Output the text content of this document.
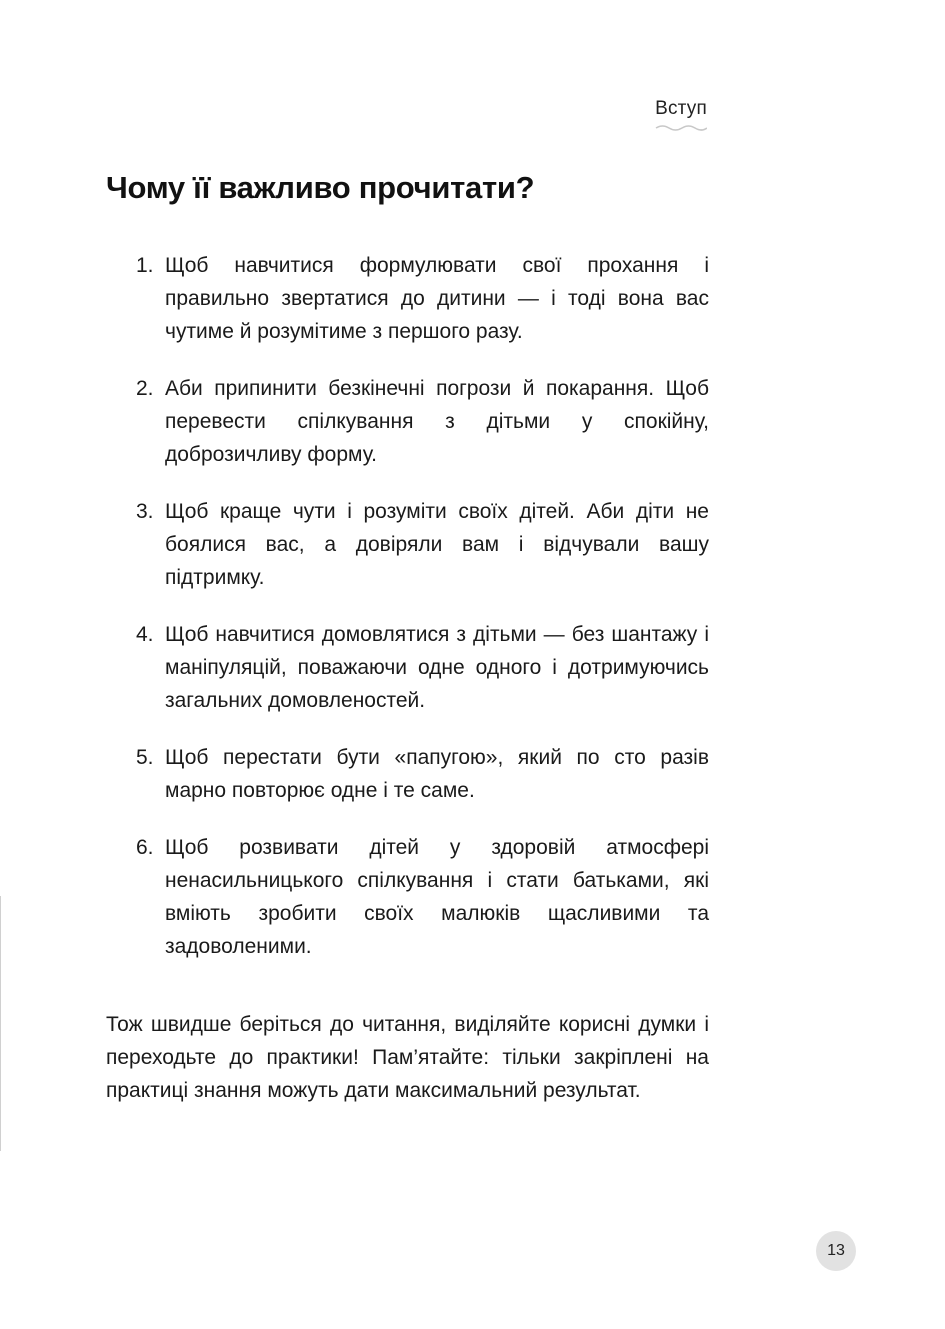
Вступ
Чому її важливо прочитати?
1. Щоб навчитися формулювати свої прохання і правильно звертатися до дитини — і тоді вона вас чутиме й розумітиме з першого разу.
2. Аби припинити безкінечні погрози й покарання. Щоб перевести спілкування з дітьми у спокійну, доброзичливу форму.
3. Щоб краще чути і розуміти своїх дітей. Аби діти не боялися вас, а довіряли вам і відчували вашу підтримку.
4. Щоб навчитися домовлятися з дітьми — без шантажу і маніпуляцій, поважаючи одне одного і дотримуючись загальних домовленостей.
5. Щоб перестати бути «папугою», який по сто разів марно повторює одне і те саме.
6. Щоб розвивати дітей у здоровій атмосфері ненасильницького спілкування і стати батьками, які вміють зробити своїх малюків щасливими та задоволеними.

Тож швидше беріться до читання, виділяйте корисні думки і переходьте до практики! Пам’ятайте: тільки закріплені на практиці знання можуть дати максимальний результат.

13
